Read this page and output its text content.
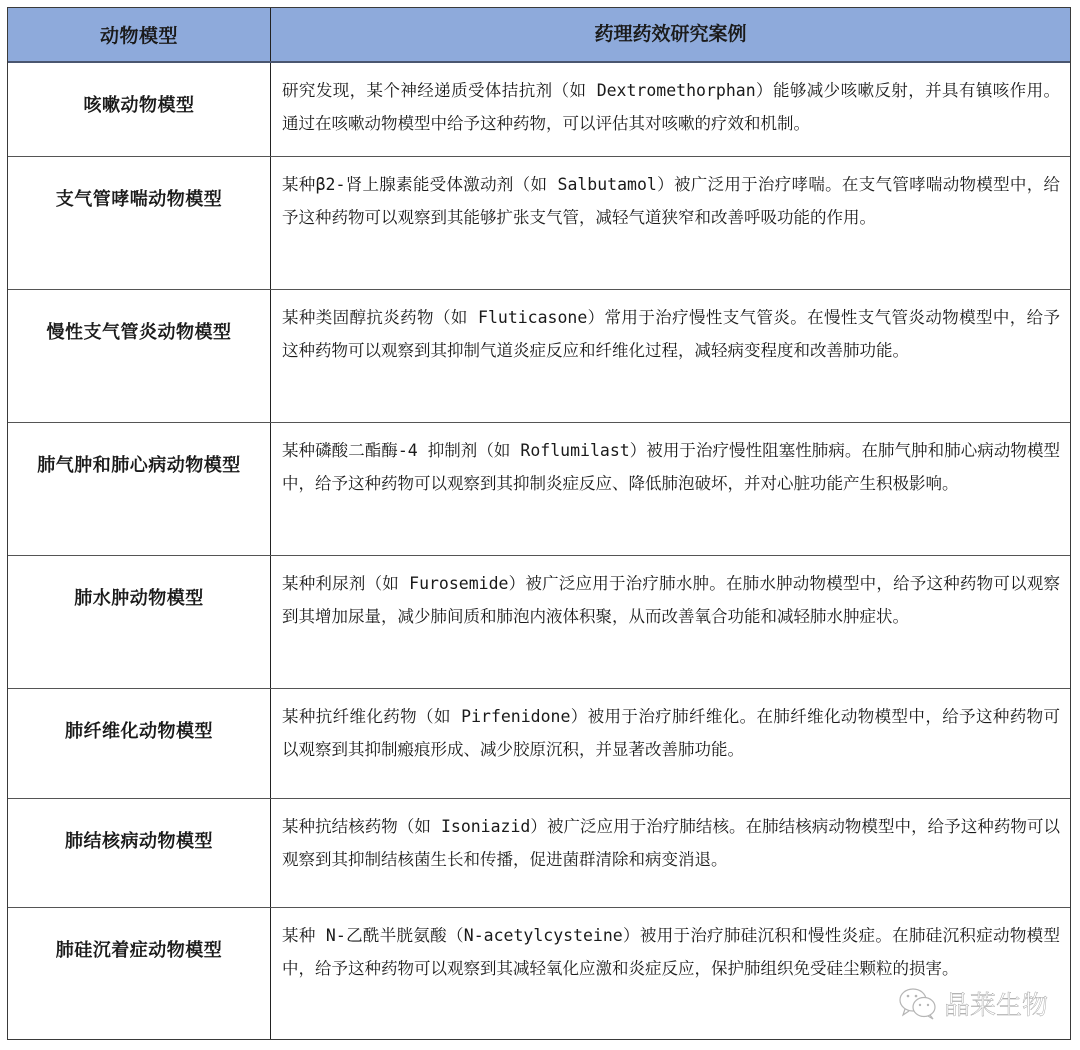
动物模型	药理药效研究案例
咳嗽动物模型
研究发现，某个神经递质受体拮抗剂（如 Dextromethorphan）能够减少咳嗽反射，并具有镇咳作用。通过在咳嗽动物模型中给予这种药物，可以评估其对咳嗽的疗效和机制。
支气管哮喘动物模型
某种β2-肾上腺素能受体激动剂（如 Salbutamol）被广泛用于治疗哮喘。在支气管哮喘动物模型中，给予这种药物可以观察到其能够扩张支气管，减轻气道狭窄和改善呼吸功能的作用。
慢性支气管炎动物模型
某种类固醇抗炎药物（如 Fluticasone）常用于治疗慢性支气管炎。在慢性支气管炎动物模型中，给予这种药物可以观察到其抑制气道炎症反应和纤维化过程，减轻病变程度和改善肺功能。
肺气肿和肺心病动物模型
某种磷酸二酯酶-4 抑制剂（如 Roflumilast）被用于治疗慢性阻塞性肺病。在肺气肿和肺心病动物模型中，给予这种药物可以观察到其抑制炎症反应、降低肺泡破坏，并对心脏功能产生积极影响。
肺水肿动物模型
某种利尿剂（如 Furosemide）被广泛应用于治疗肺水肿。在肺水肿动物模型中，给予这种药物可以观察到其增加尿量，减少肺间质和肺泡内液体积聚，从而改善氧合功能和减轻肺水肿症状。
肺纤维化动物模型
某种抗纤维化药物（如 Pirfenidone）被用于治疗肺纤维化。在肺纤维化动物模型中，给予这种药物可以观察到其抑制瘢痕形成、减少胶原沉积，并显著改善肺功能。
肺结核病动物模型
某种抗结核药物（如 Isoniazid）被广泛应用于治疗肺结核。在肺结核病动物模型中，给予这种药物可以观察到其抑制结核菌生长和传播，促进菌群清除和病变消退。
肺硅沉着症动物模型
某种 N-乙酰半胱氨酸（N-acetylcysteine）被用于治疗肺硅沉积和慢性炎症。在肺硅沉积症动物模型中，给予这种药物可以观察到其减轻氧化应激和炎症反应，保护肺组织免受硅尘颗粒的损害。
晶莱生物
